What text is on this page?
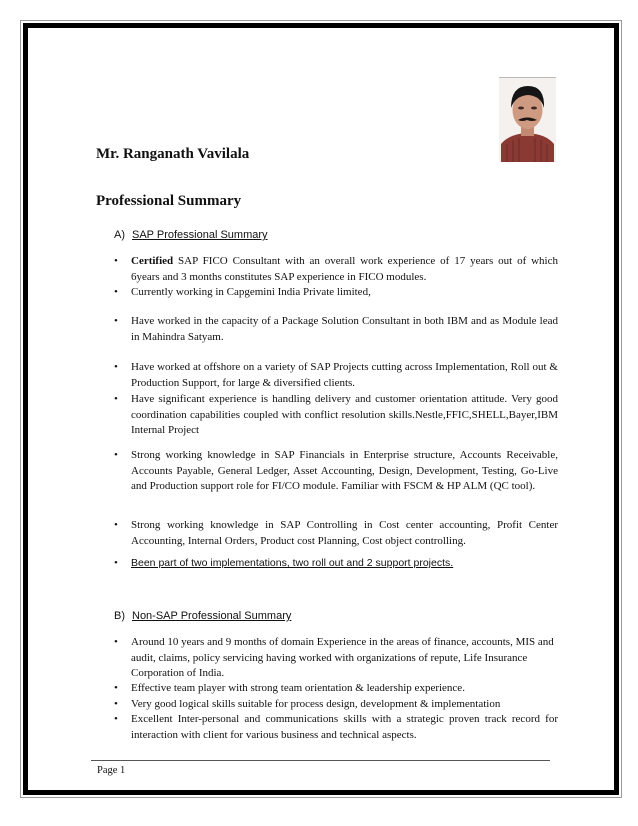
Mr. Ranganath Vavilala
Professional Summary
A) SAP Professional Summary
•	Certified SAP FICO Consultant with an overall work experience of 17 years out of which 6years and 3 months constitutes SAP experience in FICO modules.
•	Currently working in Capgemini India Private limited,
•	Have worked in the capacity of a Package Solution Consultant in both IBM and as Module lead in Mahindra Satyam.
•	Have worked at offshore on a variety of SAP Projects cutting across Implementation, Roll out & Production Support, for large & diversified clients.
•	Have significant experience is handling delivery and customer orientation attitude. Very good coordination capabilities coupled with conflict resolution skills.Nestle,FFIC,SHELL,Bayer,IBM Internal Project
•	Strong working knowledge in SAP Financials in Enterprise structure, Accounts Receivable, Accounts Payable, General Ledger, Asset Accounting, Design, Development, Testing, Go-Live and Production support role for FI/CO module. Familiar with FSCM & HP ALM (QC tool).
•	Strong working knowledge in SAP Controlling in Cost center accounting, Profit Center Accounting, Internal Orders, Product cost Planning, Cost object controlling.
•	Been part of two implementations, two roll out and 2 support projects.
B) Non-SAP Professional Summary
•	Around 10 years and 9 months of domain Experience in the areas of finance, accounts, MIS and audit, claims, policy servicing having worked with organizations of repute, Life Insurance Corporation of India.
•	Effective team player with strong team orientation & leadership experience.
•	Very good logical skills suitable for process design, development & implementation
•	Excellent Inter-personal and communications skills with a strategic proven track record for interaction with client for various business and technical aspects.
Page 1
